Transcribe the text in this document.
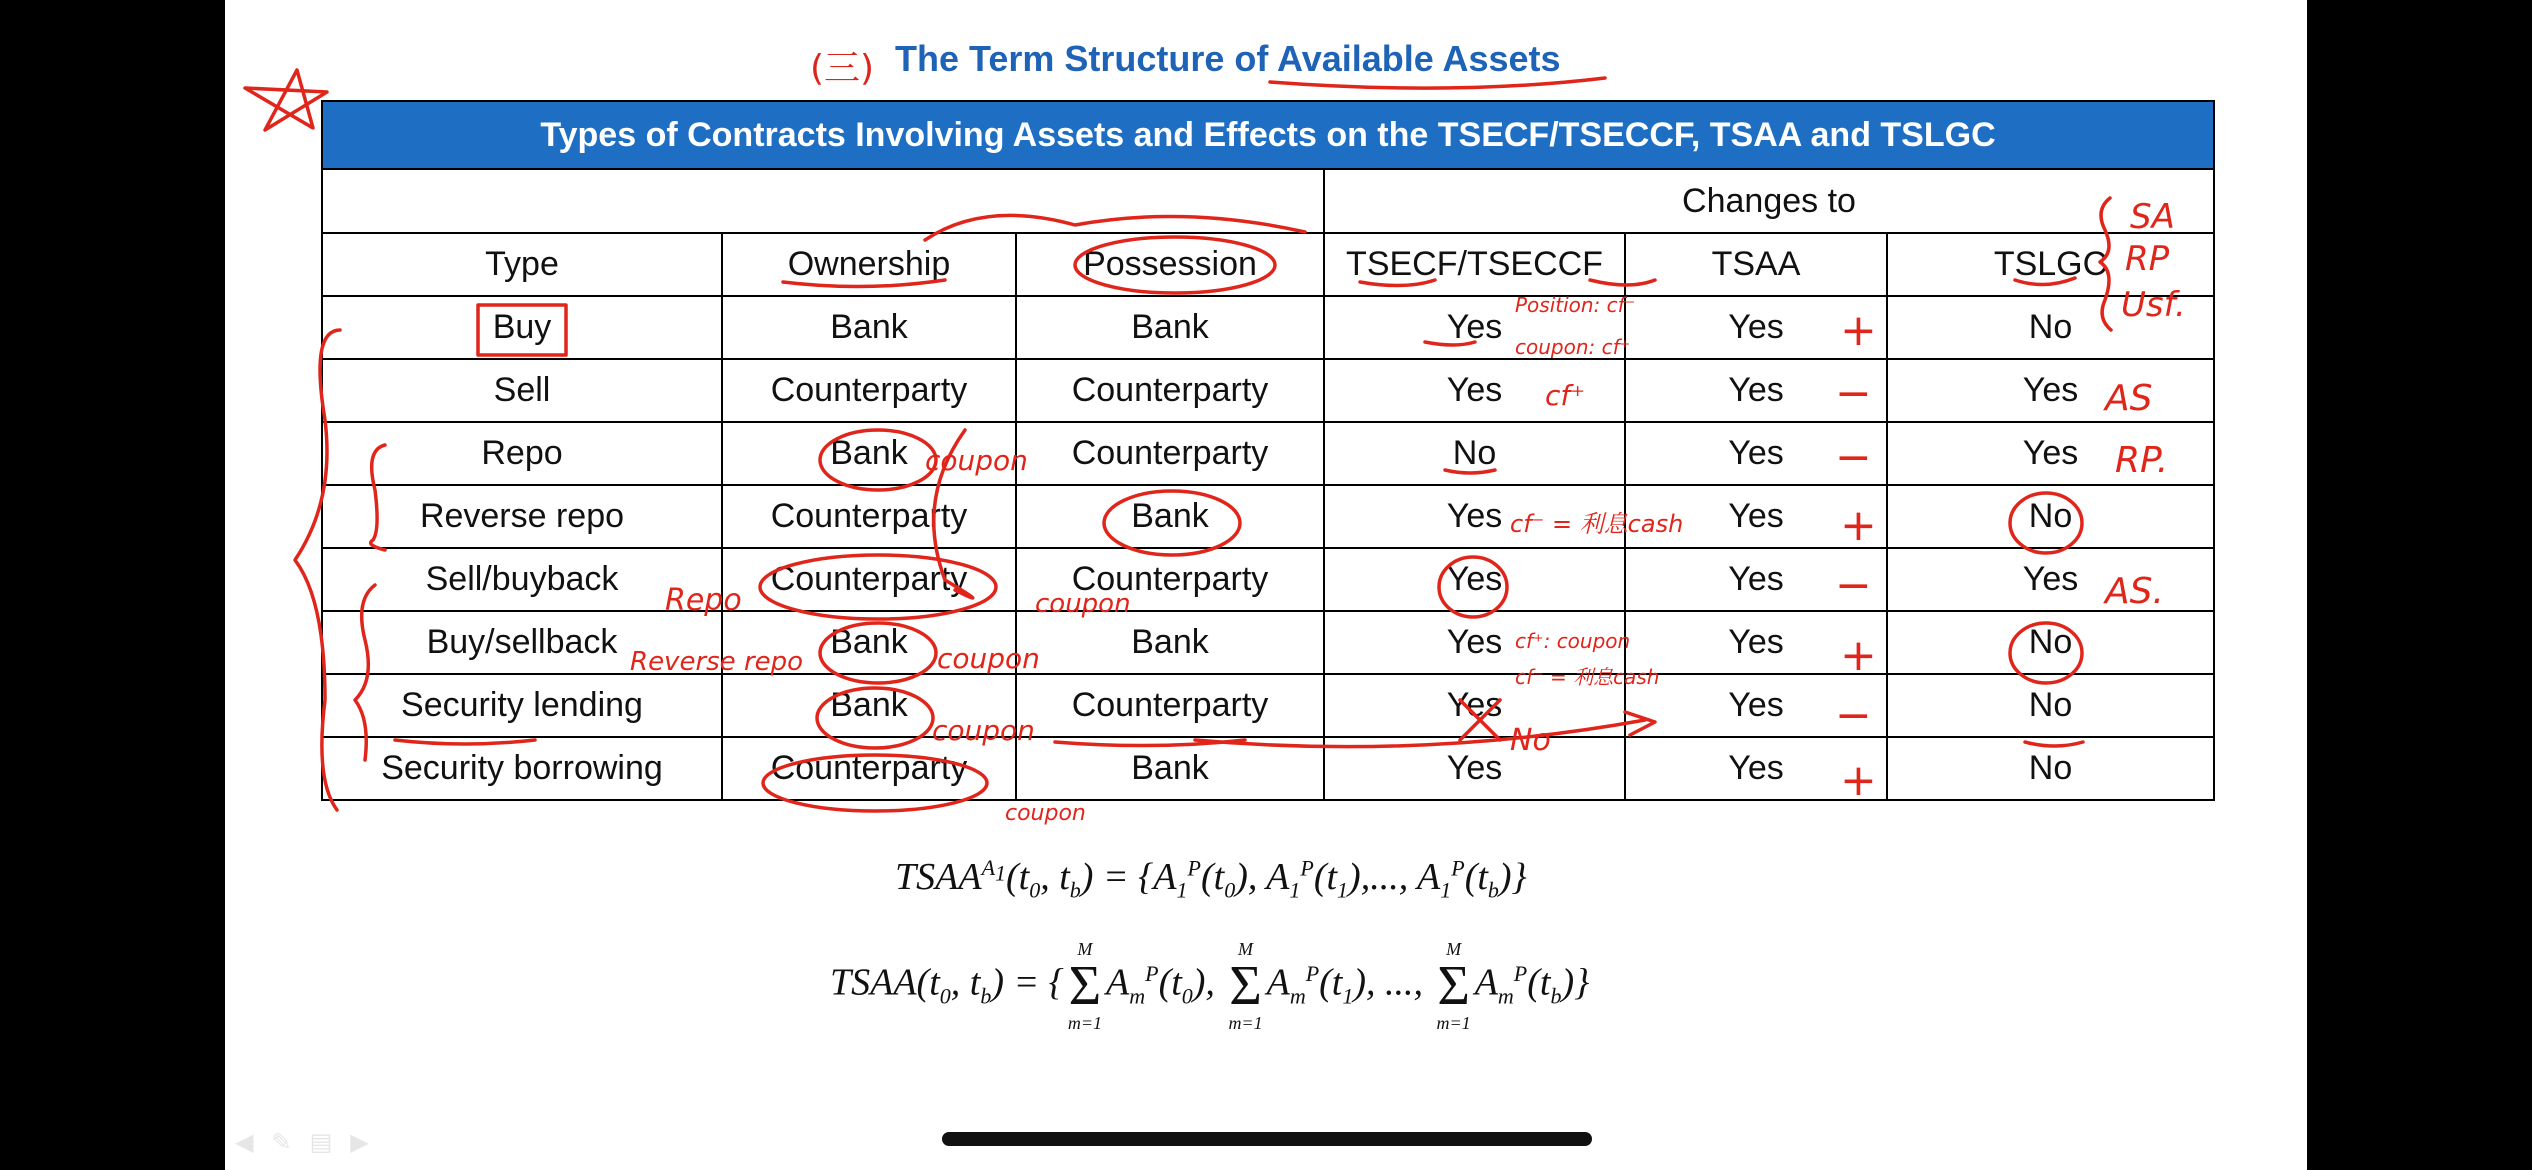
(三) The Term Structure of Available Assets
Types of Contracts Involving Assets and Effects on the TSECF/TSECCF, TSAA and TSLGC					
			Changes to		
Type	Ownership	Possession	TSECF/TSECCF	TSAA	TSLGC
Buy	Bank	Bank	Yes	Yes	No
Sell	Counterparty	Counterparty	Yes	Yes	Yes
Repo	Bank	Counterparty	No	Yes	Yes
Reverse repo	Counterparty	Bank	Yes	Yes	No
Sell/buyback	Counterparty	Counterparty	Yes	Yes	Yes
Buy/sellback	Bank	Bank	Yes	Yes	No
Security lending	Bank	Counterparty	Yes	Yes	No
Security borrowing	Counterparty	Bank	Yes	Yes	No
$TSAA^{A_1}(t_0$, $t_b) = \{A_1^P(t_0)$, $A_1^P(t_1)$,..., $A_1^P(t_b)$}
$TSAA(t_0$, $t_b$) = {
M
Σ
m=1
$A_m^P(t_0)$,
M
Σ
m=1
$A_m^P(t_1)$, ...,
M
Σ
m=1
$A_m^P(t_b)$}
SA
RP
Usf.
+
−
−
+
−
+
−
+
AS
RP.
AS.
Position: cf⁻
coupon: cf⁺
cf⁺
cf⁻ = 利息cash
cf⁺: coupon
cf⁻ = 利息cash
coupon
Repo	coupon
Reverse repo	coupon
coupon
coupon
No
◀ ✎ ▤ ▶
